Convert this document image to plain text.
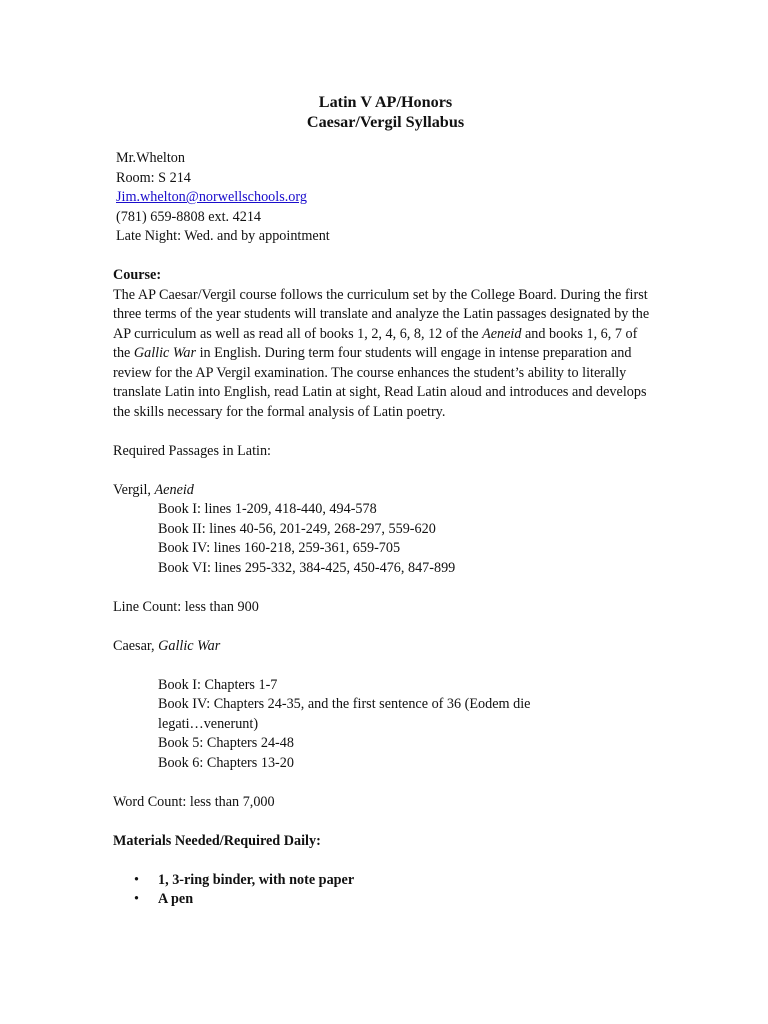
Latin V AP/Honors
Caesar/Vergil Syllabus
Mr.Whelton
Room: S 214
Jim.whelton@norwellschools.org
(781) 659-8808 ext. 4214
Late Night: Wed. and by appointment
Course:

The AP Caesar/Vergil course follows the curriculum set by the College Board. During the first three terms of the year students will translate and analyze the Latin passages designated by the AP curriculum as well as read all of books 1, 2, 4, 6, 8, 12 of the Aeneid and books 1, 6, 7 of the Gallic War in English. During term four students will engage in intense preparation and review for the AP Vergil examination. The course enhances the student’s ability to literally translate Latin into English, read Latin at sight, Read Latin aloud and introduces and develops the skills necessary for the formal analysis of Latin poetry.

Required Passages in Latin:
Vergil, Aeneid
Book I: lines 1-209, 418-440, 494-578
Book II: lines 40-56, 201-249, 268-297, 559-620
Book IV: lines 160-218, 259-361, 659-705
Book VI: lines 295-332, 384-425, 450-476, 847-899
Line Count: less than 900
Caesar, Gallic War
Book I: Chapters 1-7
Book IV: Chapters 24-35, and the first sentence of 36 (Eodem die legati…venerunt)
Book 5: Chapters 24-48
Book 6: Chapters 13-20
Word Count: less than 7,000
Materials Needed/Required Daily:
• 1, 3-ring binder, with note paper
• A pen
